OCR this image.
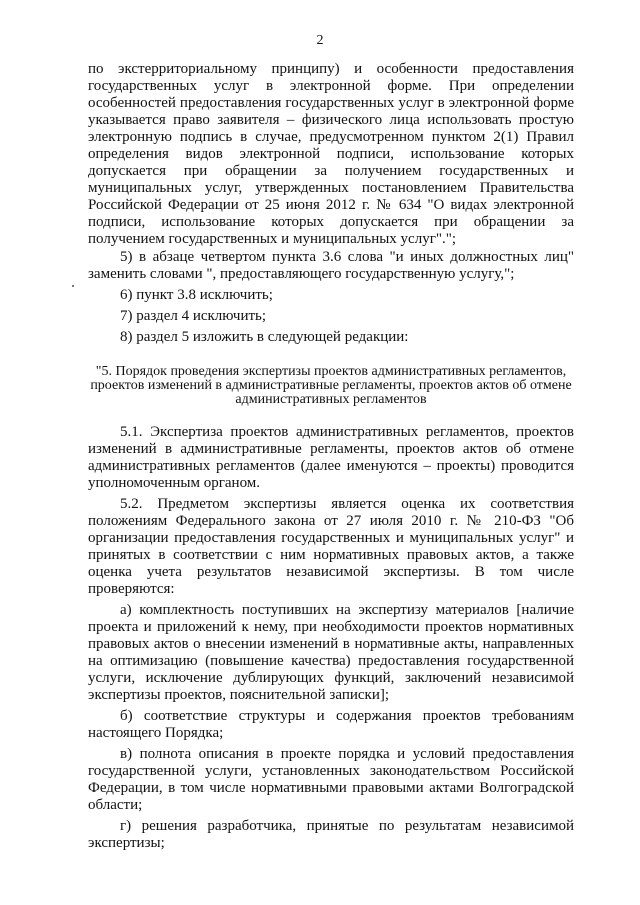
2

по экстерриториальному принципу) и особенности предоставления государственных услуг в электронной форме. При определении особенностей предоставления государственных услуг в электронной форме указывается право заявителя – физического лица использовать простую электронную подпись в случае, предусмотренном пунктом 2(1) Правил определения видов электронной подписи, использование которых допускается при обращении за получением государственных и муниципальных услуг, утвержденных постановлением Правительства Российской Федерации от 25 июня 2012 г. № 634 "О видах электронной подписи, использование которых допускается при обращении за получением государственных и муниципальных услуг".";

5) в абзаце четвертом пункта 3.6 слова "и иных должностных лиц" заменить словами ", предоставляющего государственную услугу,";

6) пункт 3.8 исключить;

7) раздел 4 исключить;

8) раздел 5 изложить в следующей редакции:

"5. Порядок проведения экспертизы проектов административных регламентов, проектов изменений в административные регламенты, проектов актов об отмене административных регламентов

5.1. Экспертиза проектов административных регламентов, проектов изменений в административные регламенты, проектов актов об отмене административных регламентов (далее именуются – проекты) проводится уполномоченным органом.

5.2. Предметом экспертизы является оценка их соответствия положениям Федерального закона от 27 июля 2010 г. № 210-ФЗ "Об организации предоставления государственных и муниципальных услуг" и принятых в соответствии с ним нормативных правовых актов, а также оценка учета результатов независимой экспертизы. В том числе проверяются:

а) комплектность поступивших на экспертизу материалов [наличие проекта и приложений к нему, при необходимости проектов нормативных правовых актов о внесении изменений в нормативные акты, направленных на оптимизацию (повышение качества) предоставления государственной услуги, исключение дублирующих функций, заключений независимой экспертизы проектов, пояснительной записки];

б) соответствие структуры и содержания проектов требованиям настоящего Порядка;

в) полнота описания в проекте порядка и условий предоставления государственной услуги, установленных законодательством Российской Федерации, в том числе нормативными правовыми актами Волгоградской области;

г) решения разработчика, принятые по результатам независимой экспертизы;
